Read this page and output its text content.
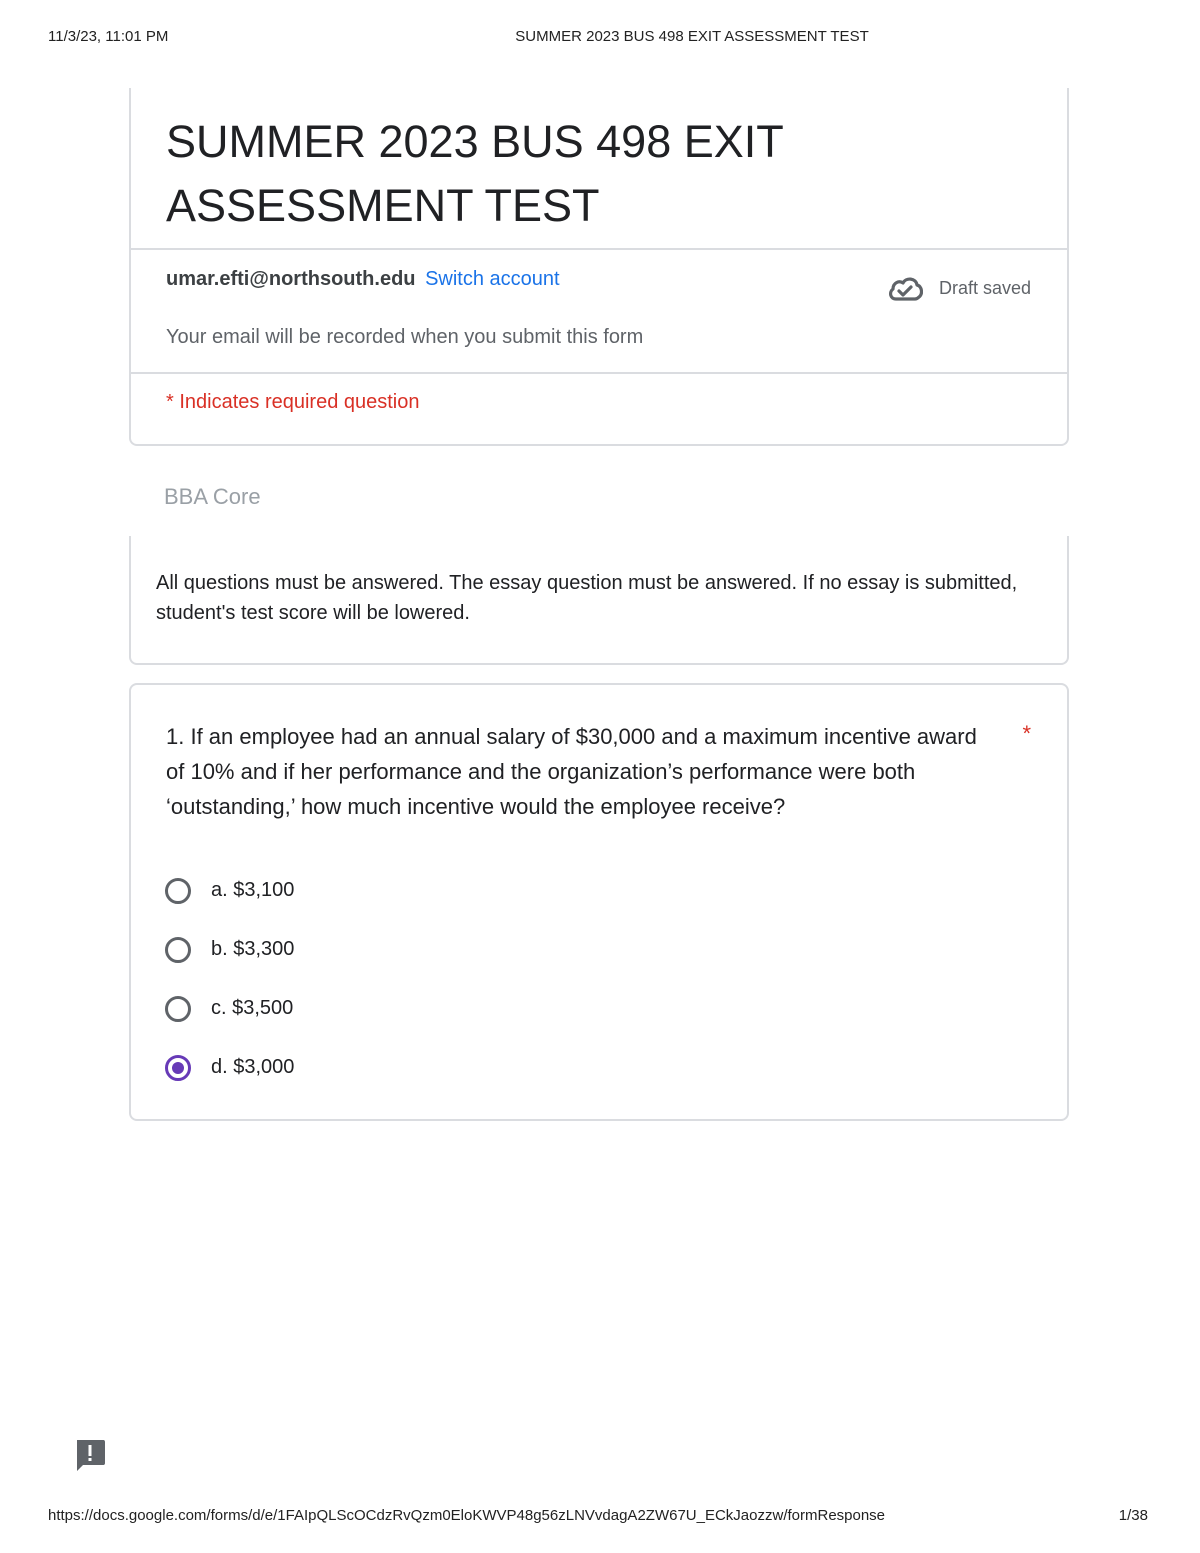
11/3/23, 11:01 PM	SUMMER 2023 BUS 498 EXIT ASSESSMENT TEST
SUMMER 2023 BUS 498 EXIT ASSESSMENT TEST
umar.efti@northsouth.edu Switch account	Draft saved
Your email will be recorded when you submit this form
* Indicates required question
BBA Core
All questions must be answered. The essay question must be answered. If no essay is submitted, student's test score will be lowered.
1. If an employee had an annual salary of $30,000 and a maximum incentive award of 10% and if her performance and the organization’s performance were both ‘outstanding,’ how much incentive would the employee receive?
*
a. $3,100
b. $3,300
c. $3,500
d. $3,000
https://docs.google.com/forms/d/e/1FAIpQLScOCdzRvQzm0EloKWVP48g56zLNVvdagA2ZW67U_ECkJaozzw/formResponse	1/38
